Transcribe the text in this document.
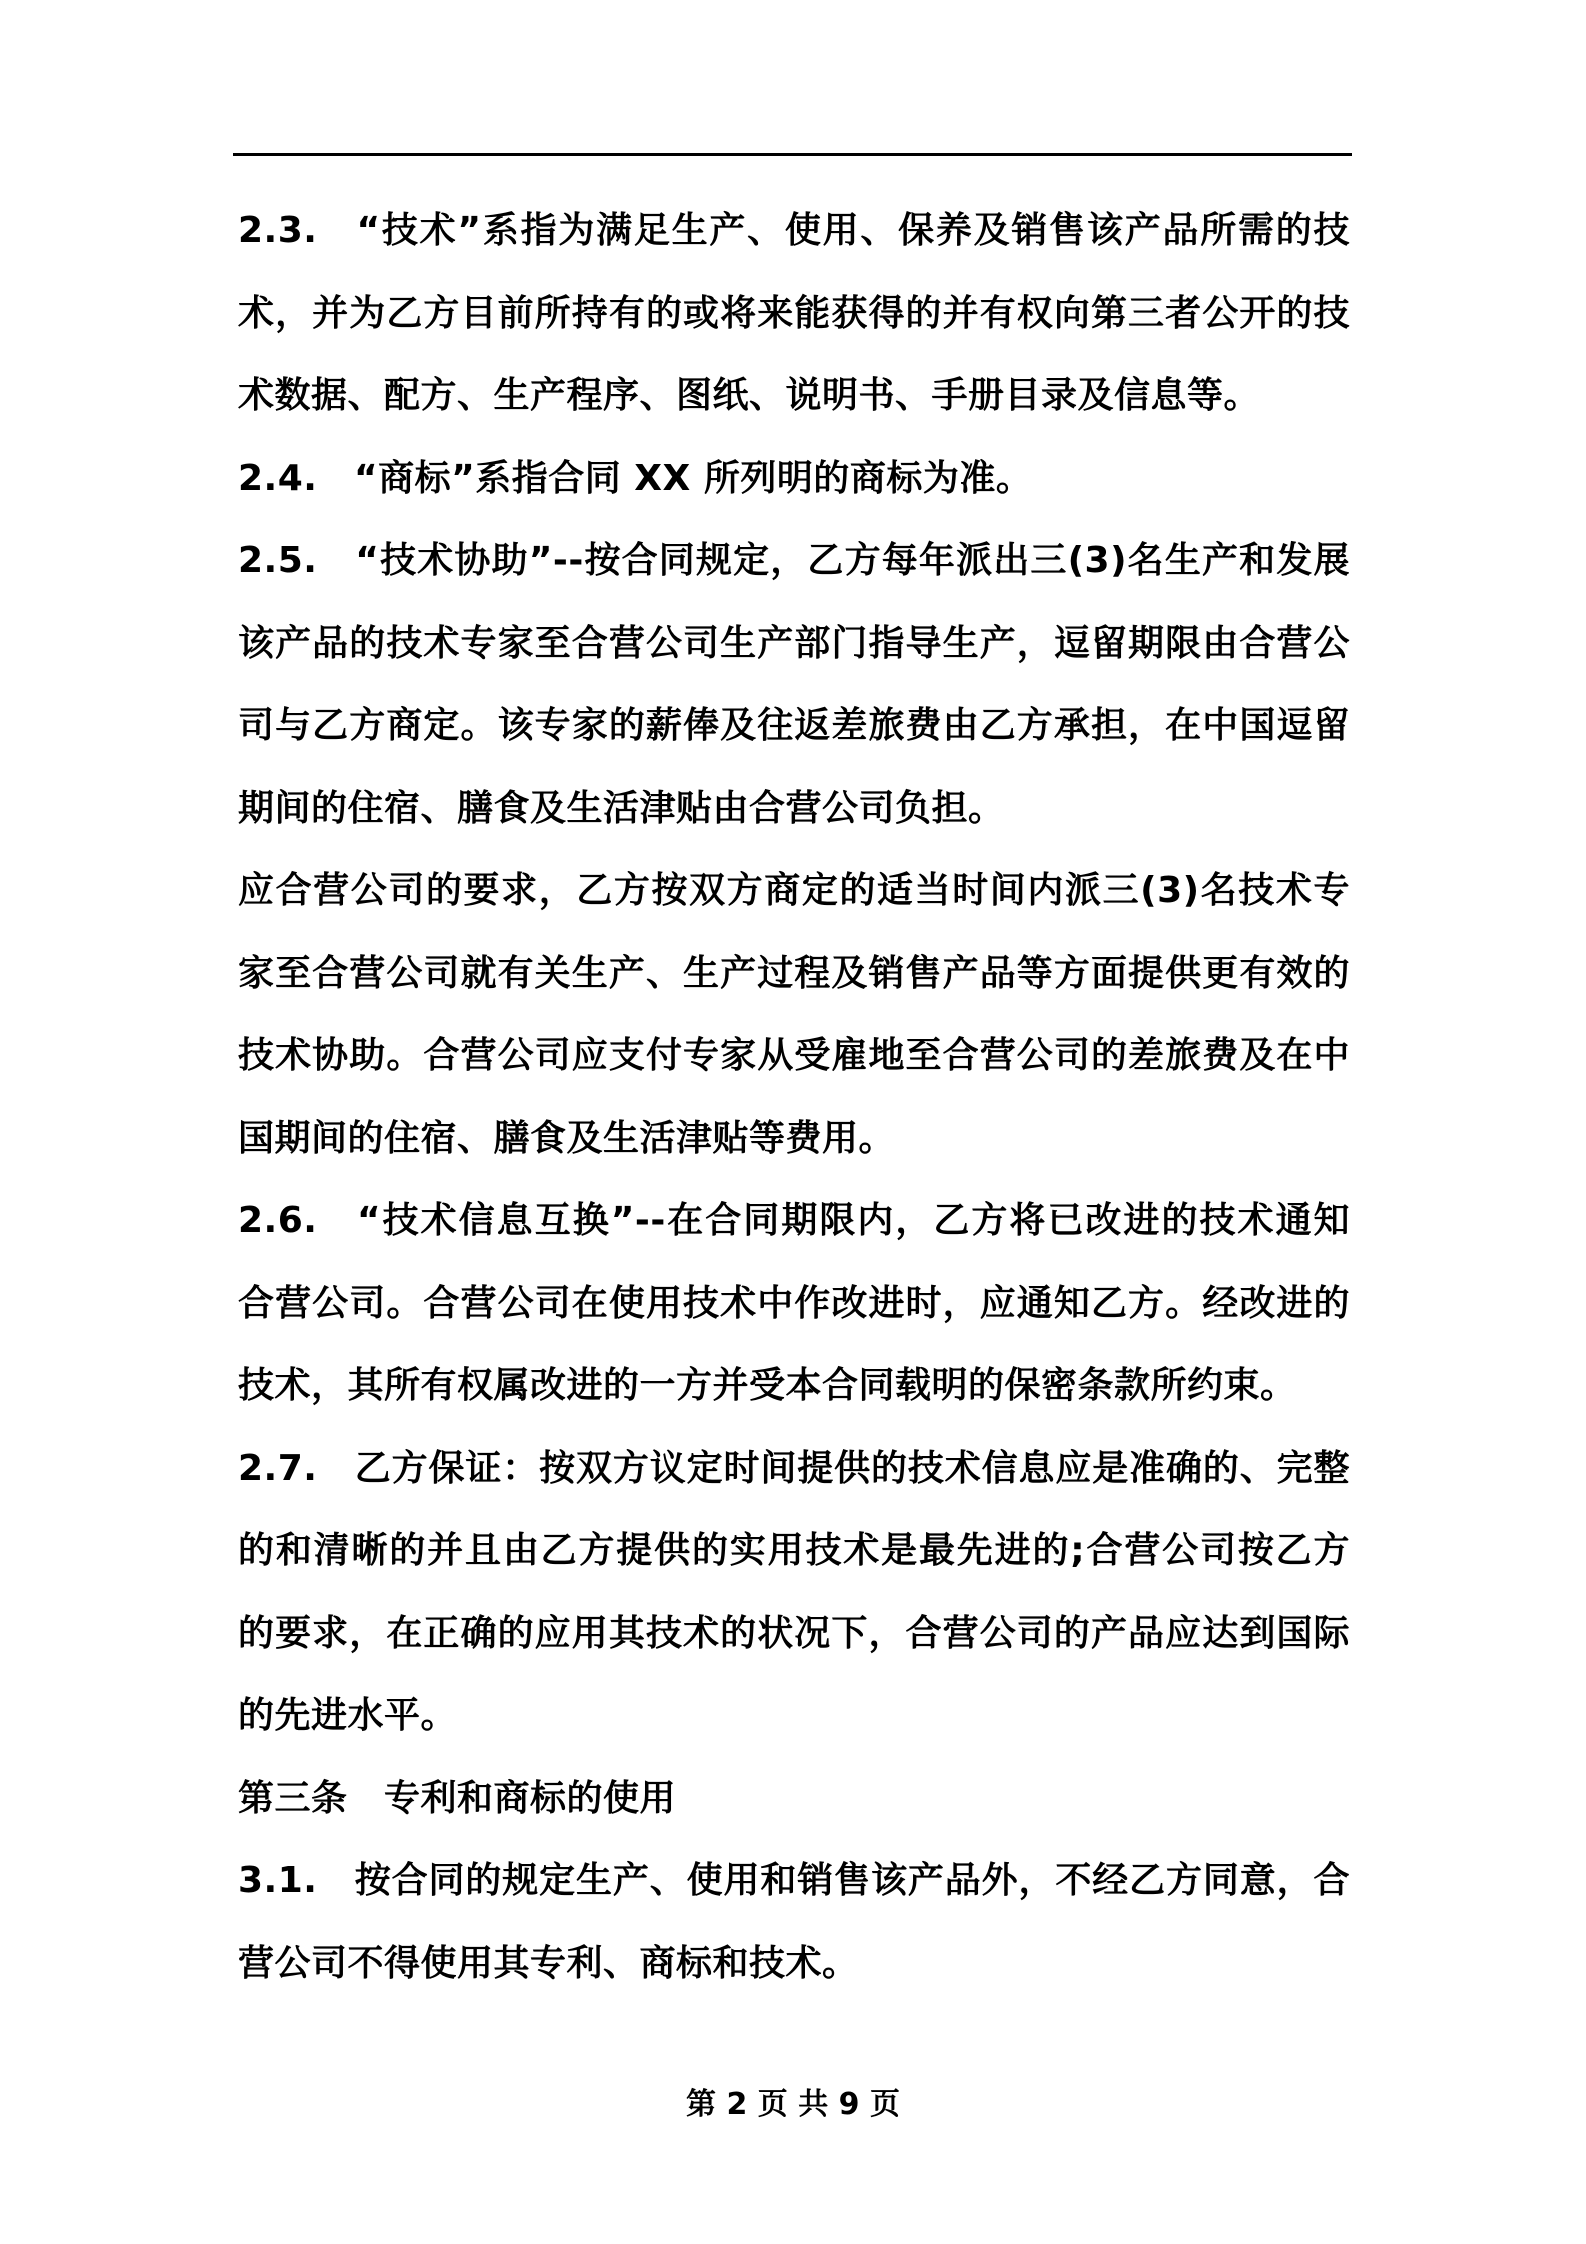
2.3.　“技术”系指为满足生产、使用、保养及销售该产品所需的技
术，并为乙方目前所持有的或将来能获得的并有权向第三者公开的技
术数据、配方、生产程序、图纸、说明书、手册目录及信息等。
2.4.　“商标”系指合同 XX 所列明的商标为准。
2.5.　“技术协助”--按合同规定，乙方每年派出三(3)名生产和发展
该产品的技术专家至合营公司生产部门指导生产，逗留期限由合营公
司与乙方商定。该专家的薪俸及往返差旅费由乙方承担，在中国逗留
期间的住宿、膳食及生活津贴由合营公司负担。
应合营公司的要求，乙方按双方商定的适当时间内派三(3)名技术专
家至合营公司就有关生产、生产过程及销售产品等方面提供更有效的
技术协助。合营公司应支付专家从受雇地至合营公司的差旅费及在中
国期间的住宿、膳食及生活津贴等费用。
2.6.　“技术信息互换”--在合同期限内，乙方将已改进的技术通知
合营公司。合营公司在使用技术中作改进时，应通知乙方。经改进的
技术，其所有权属改进的一方并受本合同载明的保密条款所约束。
2.7.　乙方保证：按双方议定时间提供的技术信息应是准确的、完整
的和清晰的并且由乙方提供的实用技术是最先进的;合营公司按乙方
的要求，在正确的应用其技术的状况下，合营公司的产品应达到国际
的先进水平。
第三条　专利和商标的使用
3.1.　按合同的规定生产、使用和销售该产品外，不经乙方同意，合
营公司不得使用其专利、商标和技术。
第 2 页 共 9 页
